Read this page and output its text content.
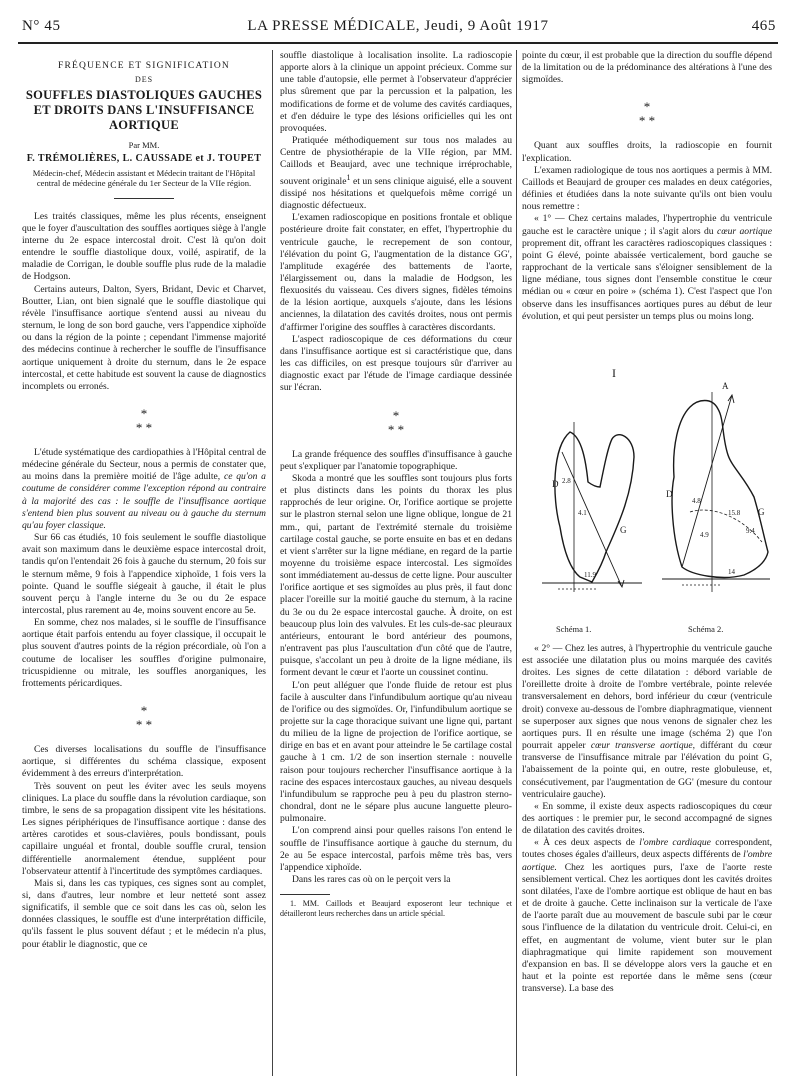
N° 45	LA PRESSE MÉDICALE, Jeudi, 9 Août 1917	465

FRÉQUENCE ET SIGNIFICATION

DES

SOUFFLES DIASTOLIQUES GAUCHES ET DROITS DANS L'INSUFFISANCE AORTIQUE

Par MM.

F. TRÉMOLIÈRES, L. CAUSSADE et J. TOUPET

Médecin-chef, Médecin assistant et Médecin traitant de l'Hôpital central de médecine générale du 1er Secteur de la VIIe région.

Les traités classiques, même les plus récents, enseignent que le foyer d'auscultation des souffles aortiques siège à l'angle interne du 2e espace intercostal droit. C'est là qu'on doit entendre le souffle diastolique doux, voilé, aspiratif, de la maladie de Corrigan, le double souffle plus rude de la maladie de Hodgson.

Certains auteurs, Dalton, Syers, Bridant, Devic et Charvet, Boutter, Lian, ont bien signalé que le souffle diastolique qui révèle l'insuffisance aortique s'entend aussi au niveau du sternum, le long de son bord gauche, vers l'appendice xiphoïde ou dans la région de la pointe ; cependant l'immense majorité des médecins continue à rechercher le souffle de l'insuffisance aortique uniquement à droite du sternum, dans le 2e espace intercostal, et cette habitude est souvent la cause de diagnostics incomplets ou erronés.

*
* *

L'étude systématique des cardiopathies à l'Hôpital central de médecine générale du Secteur, nous a permis de constater que, au moins dans la première moitié de l'âge adulte, ce qu'on a coutume de considérer comme l'exception répond au contraire à la majorité des cas : le souffle de l'insuffisance aortique s'entend bien plus souvent au niveau ou à gauche du sternum qu'au foyer classique.

Sur 66 cas étudiés, 10 fois seulement le souffle diastolique avait son maximum dans le deuxième espace intercostal droit, tandis qu'on l'entendait 26 fois à gauche du sternum, 20 fois sur le sternum même, 9 fois à l'appendice xiphoïde, 1 fois vers la pointe. Quand le souffle siégeait à gauche, il était le plus souvent perçu à l'angle interne du 3e ou du 2e espace intercostal, plus rarement au 4e, moins souvent encore au 5e.

En somme, chez nos malades, si le souffle de l'insuffisance aortique était parfois entendu au foyer classique, il occupait le plus souvent d'autres points de la région précordiale, où l'on a coutume de localiser les souffles d'origine pulmonaire, tricuspidienne ou mitrale, les souffles anorganiques, les frottements péricardiques.

*
* *

Ces diverses localisations du souffle de l'insuffisance aortique, si différentes du schéma classique, exposent évidemment à des erreurs d'interprétation.

Très souvent on peut les éviter avec les seuls moyens cliniques. La place du souffle dans la révolution cardiaque, son timbre, le sens de sa propagation dissipent vite les hésitations. Les signes périphériques de l'insuffisance aortique : danse des artères carotides et sous-clavières, pouls bondissant, pouls capillaire unguéal et frontal, double souffle crural, tension différentielle anormalement étendue, suppléent pour l'observateur attentif à l'incertitude des symptômes cardiaques.

Mais si, dans les cas typiques, ces signes sont au complet, si, dans d'autres, leur nombre et leur netteté sont assez significatifs, il semble que ce soit dans les cas où, selon les données classiques, le souffle est d'une interprétation difficile, qu'ils fassent le plus souvent défaut ; et le médecin n'a plus, pour établir le diagnostic, que ce

souffle diastolique à localisation insolite. La radioscopie apporte alors à la clinique un appoint précieux. Comme sur une table d'autopsie, elle permet à l'observateur d'apprécier plus sûrement que par la percussion et la palpation, les modifications de forme et de volume des cavités cardiaques, et d'en déduire le type des lésions orificielles qui les ont provoquées.

Pratiquée méthodiquement sur tous nos malades au Centre de physiothérapie de la VIIe région, par MM. Caillods et Beaujard, avec une technique irréprochable, souvent originale$^1$ et un sens clinique aiguisé, elle a souvent dissipé nos hésitations et quelquefois même corrigé un diagnostic défectueux.

L'examen radioscopique en positions frontale et oblique postérieure droite fait constater, en effet, l'hypertrophie du ventricule gauche, le recrepement de son contour, l'élévation du point G, l'augmentation de la distance GG', l'amplitude exagérée des battements de l'aorte, l'élargissement ou, dans la maladie de Hodgson, les flexuosités du vaisseau. Ces divers signes, fidèles témoins de la lésion aortique, auxquels s'ajoute, dans les lésions anciennes, la dilatation des cavités droites, nous ont permis d'affirmer l'origine des souffles à caractères discordants.

L'aspect radioscopique de ces déformations du cœur dans l'insuffisance aortique est si caractéristique que, dans les cas difficiles, on est presque toujours sûr d'arriver au diagnostic exact par l'étude de l'image cardiaque dessinée sur l'écran.

*
* *

La grande fréquence des souffles d'insuffisance à gauche peut s'expliquer par l'anatomie topographique.

Skoda a montré que les souffles sont toujours plus forts et plus distincts dans les points du thorax les plus rapprochés de leur origine. Or, l'orifice aortique se projette sur le plastron sternal selon une ligne oblique, longue de 21 mm., qui, partant de l'extrémité sternale du troisième cartilage costal gauche, se porte ensuite en bas et en dedans et vient s'arrêter sur la ligne médiane, en regard de la partie moyenne du troisième espace intercostal. Les sigmoïdes sont immédiatement au-dessus de cette ligne. Pour ausculter l'orifice aortique et ses sigmoïdes au plus près, il faut donc placer l'oreille sur la moitié gauche du sternum, à la racine du 3e ou du 2e espace intercostal gauche. À droite, on est beaucoup plus loin des valvules. Et les culs-de-sac pleuraux antérieurs, entourant le bord antérieur des poumons, n'entravent pas plus l'auscultation d'un côté que de l'autre, puisque, s'accolant un peu à droite de la ligne médiane, ils forment devant le cœur et l'aorte un coussinet continu.

L'on peut alléguer que l'onde fluide de retour est plus facile à ausculter dans l'infundibulum aortique qu'au niveau de l'orifice ou des sigmoïdes. Or, l'infundibulum aortique se projette sur la cage thoracique suivant une ligne qui, partant du milieu de la ligne de projection de l'orifice aortique, se dirige en bas et en avant pour atteindre le 5e cartilage costal gauche à 1 cm. 1/2 de son insertion sternale : nouvelle raison pour toujours rechercher l'insuffisance aortique à la racine des espaces intercostaux gauches, au niveau desquels l'infundibulum se rapproche peu à peu du plastron sterno-chondral, dont ne le sépare plus aucune languette pleuro-pulmonaire.

L'on comprend ainsi pour quelles raisons l'on entend le souffle de l'insuffisance aortique à gauche du sternum, du 2e au 5e espace intercostal, parfois même très bas, vers l'appendice xiphoïde.

Dans les rares cas où on le perçoit vers la

1. MM. Caillods et Beaujard exposeront leur technique et détailleront leurs recherches dans un article spécial.

pointe du cœur, il est probable que la direction du souffle dépend de la limitation ou de la prédominance des altérations à l'une des sigmoïdes.

*
* *

Quant aux souffles droits, la radioscopie en fournit l'explication.

L'examen radiologique de tous nos aortiques a permis à MM. Caillods et Beaujard de grouper ces malades en deux catégories, définies et étudiées dans la note suivante qu'ils ont bien voulu nous remettre :

« 1° — Chez certains malades, l'hypertrophie du ventricule gauche est le caractère unique ; il s'agit alors du cœur aortique proprement dit, offrant les caractères radioscopiques classiques : point G élevé, pointe abaissée verticalement, bord gauche se rapprochant de la verticale sans s'éloigner sensiblement de la ligne médiane, tous signes dont l'ensemble constitue le cœur médian ou « cœur en poire » (schéma 1). C'est l'aspect que l'on observe dans les insuffisances aortiques pures au début de leur évolution, et qui peut persister un temps plus ou moins long.

I
D
G
D
A
G
2.8
4.1
11.9
4.8
4.9
15.8
9.4
14
Schéma 1.	Schéma 2.

« 2° — Chez les autres, à l'hypertrophie du ventricule gauche est associée une dilatation plus ou moins marquée des cavités droites. Les signes de cette dilatation : débord variable de l'oreillette droite à droite de l'ombre vertébrale, pointe relevée transversalement en dehors, bord inférieur du cœur (ventricule droit) convexe au-dessous de l'ombre diaphragmatique, viennent se superposer aux signes que nous venons de signaler chez les aortiques purs. Il en résulte une image (schéma 2) que l'on pourrait appeler cœur transverse aortique, différant du cœur transverse de l'insuffisance mitrale par l'élévation du point G, l'abaissement de la pointe qui, en outre, reste globuleuse, et, consécutivement, par l'augmentation de GG' (mesure du contour ventriculaire gauche).

« En somme, il existe deux aspects radioscopiques du cœur des aortiques : le premier pur, le second accompagné de signes de dilatation des cavités droites.

« À ces deux aspects de l'ombre cardiaque correspondent, toutes choses égales d'ailleurs, deux aspects différents de l'ombre aortique. Chez les aortiques purs, l'axe de l'aorte reste sensiblement vertical. Chez les aortiques dont les cavités droites sont dilatées, l'axe de l'ombre aortique est oblique de haut en bas et de droite à gauche. Cette inclinaison sur la verticale de l'axe de l'aorte paraît due au mouvement de bascule subi par le cœur sous l'influence de la dilatation du ventricule droit. Celui-ci, en effet, en augmentant de volume, vient buter sur le plan diaphragmatique qui limite rapidement son mouvement d'expansion en bas. Il se développe alors vers la gauche et en haut et la pointe est reportée dans le même sens (cœur transverse). La base des
